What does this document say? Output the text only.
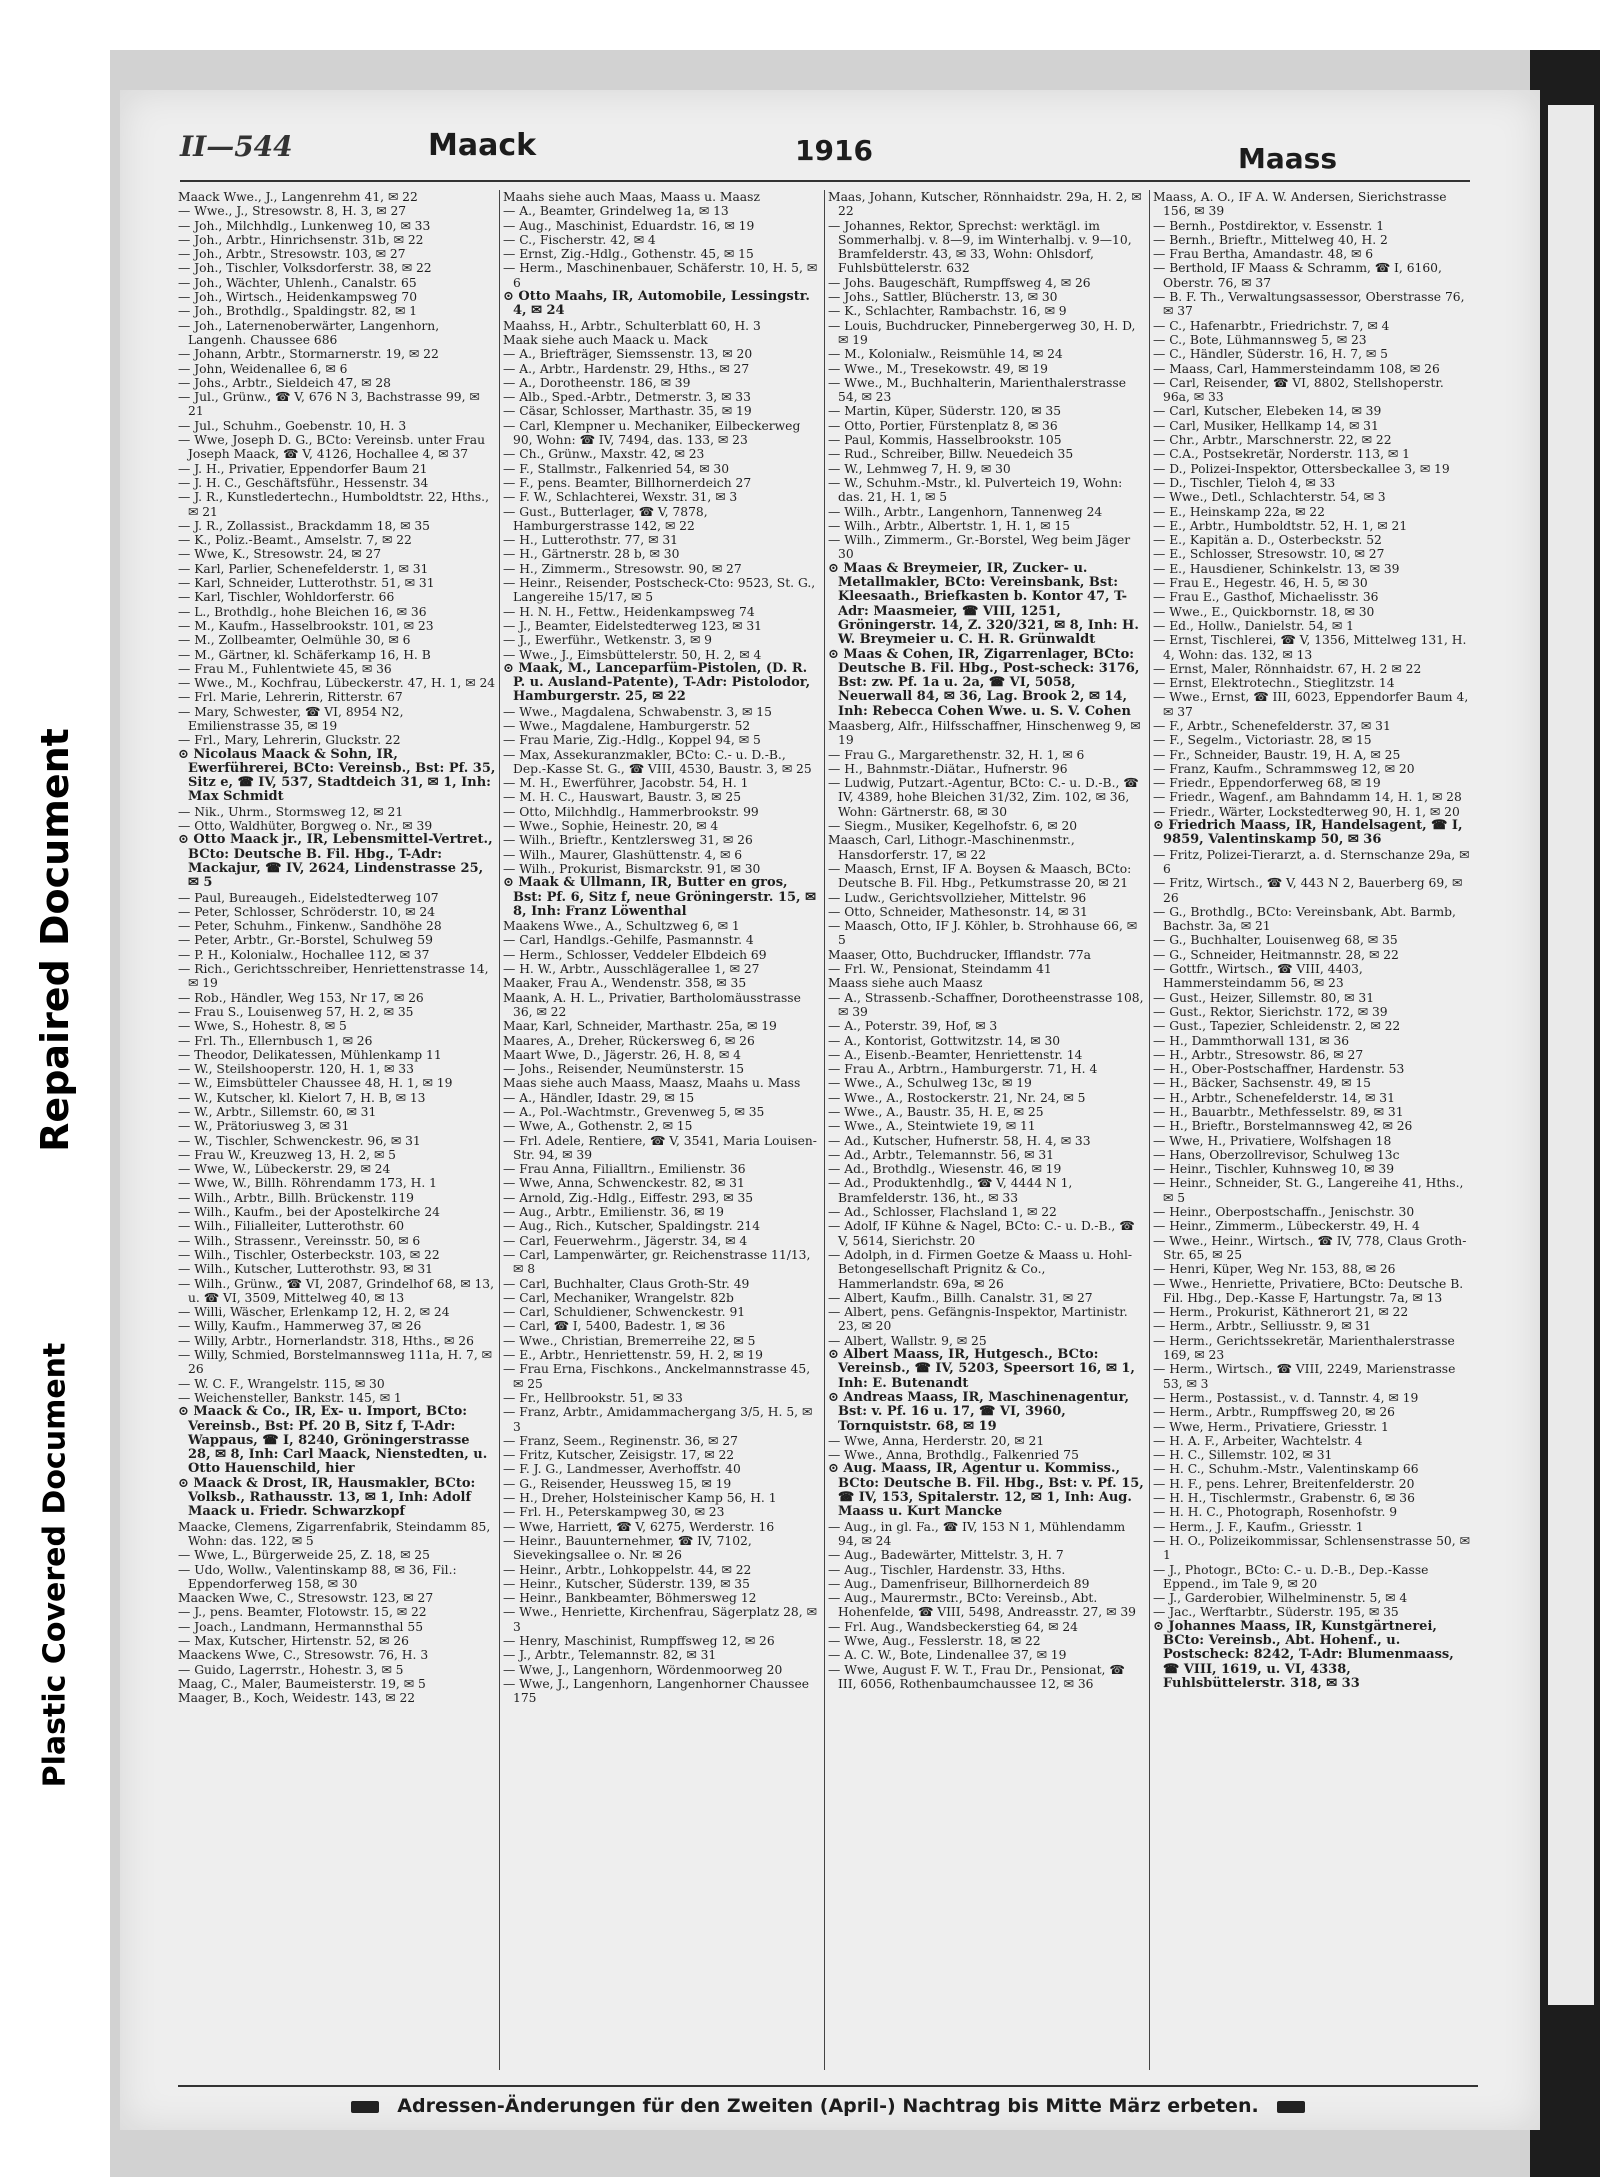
Repaired Document
Plastic Covered Document
II—544	Maack	1916	Maass

Maack Wwe., J., Langenrehm 41, ✉ 22

— Wwe., J., Stresowstr. 8, H. 3, ✉ 27

— Joh., Milchhdlg., Lunkenweg 10, ✉ 33

— Joh., Arbtr., Hinrichsenstr. 31b, ✉ 22

— Joh., Arbtr., Stresowstr. 103, ✉ 27

— Joh., Tischler, Volksdorferstr. 38, ✉ 22

— Joh., Wächter, Uhlenh., Canalstr. 65

— Joh., Wirtsch., Heidenkampsweg 70

— Joh., Brothdlg., Spaldingstr. 82, ✉ 1

— Joh., Laternenoberwärter, Langenhorn, Langenh. Chaussee 686

— Johann, Arbtr., Stormarnerstr. 19, ✉ 22

— John, Weidenallee 6, ✉ 6

— Johs., Arbtr., Sieldeich 47, ✉ 28

— Jul., Grünw., ☎ V, 676 N 3, Bachstrasse 99, ✉ 21

— Jul., Schuhm., Goebenstr. 10, H. 3

— Wwe, Joseph D. G., BCto: Vereinsb. unter Frau Joseph Maack, ☎ V, 4126, Hochallee 4, ✉ 37

— J. H., Privatier, Eppendorfer Baum 21

— J. H. C., Geschäftsführ., Hessenstr. 34

— J. R., Kunstledertechn., Humboldtstr. 22, Hths., ✉ 21

— J. R., Zollassist., Brackdamm 18, ✉ 35

— K., Poliz.-Beamt., Amselstr. 7, ✉ 22

— Wwe, K., Stresowstr. 24, ✉ 27

— Karl, Parlier, Schenefelderstr. 1, ✉ 31

— Karl, Schneider, Lutterothstr. 51, ✉ 31

— Karl, Tischler, Wohldorferstr. 66

— L., Brothdlg., hohe Bleichen 16, ✉ 36

— M., Kaufm., Hasselbrookstr. 101, ✉ 23

— M., Zollbeamter, Oelmühle 30, ✉ 6

— M., Gärtner, kl. Schäferkamp 16, H. B

— Frau M., Fuhlentwiete 45, ✉ 36

— Wwe., M., Kochfrau, Lübeckerstr. 47, H. 1, ✉ 24

— Frl. Marie, Lehrerin, Ritterstr. 67

— Mary, Schwester, ☎ VI, 8954 N2, Emilienstrasse 35, ✉ 19

— Frl., Mary, Lehrerin, Gluckstr. 22

⊙ Nicolaus Maack & Sohn, IR, Ewerführerei, BCto: Vereinsb., Bst: Pf. 35, Sitz e, ☎ IV, 537, Stadtdeich 31, ✉ 1, Inh: Max Schmidt

— Nik., Uhrm., Stormsweg 12, ✉ 21

— Otto, Waldhüter, Borgweg o. Nr., ✉ 39

⊙ Otto Maack jr., IR, Lebensmittel-Vertret., BCto: Deutsche B. Fil. Hbg., T-Adr: Mackajur, ☎ IV, 2624, Lindenstrasse 25, ✉ 5

— Paul, Bureaugeh., Eidelstedterweg 107

— Peter, Schlosser, Schröderstr. 10, ✉ 24

— Peter, Schuhm., Finkenw., Sandhöhe 28

— Peter, Arbtr., Gr.-Borstel, Schulweg 59

— P. H., Kolonialw., Hochallee 112, ✉ 37

— Rich., Gerichtsschreiber, Henriettenstrasse 14, ✉ 19

— Rob., Händler, Weg 153, Nr 17, ✉ 26

— Frau S., Louisenweg 57, H. 2, ✉ 35

— Wwe, S., Hohestr. 8, ✉ 5

— Frl. Th., Ellernbusch 1, ✉ 26

— Theodor, Delikatessen, Mühlenkamp 11

— W., Steilshooperstr. 120, H. 1, ✉ 33

— W., Eimsbütteler Chaussee 48, H. 1, ✉ 19

— W., Kutscher, kl. Kielort 7, H. B, ✉ 13

— W., Arbtr., Sillemstr. 60, ✉ 31

— W., Prätoriusweg 3, ✉ 31

— W., Tischler, Schwenckestr. 96, ✉ 31

— Frau W., Kreuzweg 13, H. 2, ✉ 5

— Wwe, W., Lübeckerstr. 29, ✉ 24

— Wwe, W., Billh. Röhrendamm 173, H. 1

— Wilh., Arbtr., Billh. Brückenstr. 119

— Wilh., Kaufm., bei der Apostelkirche 24

— Wilh., Filialleiter, Lutterothstr. 60

— Wilh., Strassenr., Vereinsstr. 50, ✉ 6

— Wilh., Tischler, Osterbeckstr. 103, ✉ 22

— Wilh., Kutscher, Lutterothstr. 93, ✉ 31

— Wilh., Grünw., ☎ VI, 2087, Grindelhof 68, ✉ 13, u. ☎ VI, 3509, Mittelweg 40, ✉ 13

— Willi, Wäscher, Erlenkamp 12, H. 2, ✉ 24

— Willy, Kaufm., Hammerweg 37, ✉ 26

— Willy, Arbtr., Hornerlandstr. 318, Hths., ✉ 26

— Willy, Schmied, Borstelmannsweg 111a, H. 7, ✉ 26

— W. C. F., Wrangelstr. 115, ✉ 30

— Weichensteller, Bankstr. 145, ✉ 1

⊙ Maack & Co., IR, Ex- u. Import, BCto: Vereinsb., Bst: Pf. 20 B, Sitz f, T-Adr: Wappaus, ☎ I, 8240, Gröningerstrasse 28, ✉ 8, Inh: Carl Maack, Nienstedten, u. Otto Hauenschild, hier

⊙ Maack & Drost, IR, Hausmakler, BCto: Volksb., Rathausstr. 13, ✉ 1, Inh: Adolf Maack u. Friedr. Schwarzkopf

Maacke, Clemens, Zigarrenfabrik, Steindamm 85, Wohn: das. 122, ✉ 5

— Wwe, L., Bürgerweide 25, Z. 18, ✉ 25

— Udo, Wollw., Valentinskamp 88, ✉ 36, Fil.: Eppendorferweg 158, ✉ 30

Maacken Wwe, C., Stresowstr. 123, ✉ 27

— J., pens. Beamter, Flotowstr. 15, ✉ 22

— Joach., Landmann, Hermannsthal 55

— Max, Kutscher, Hirtenstr. 52, ✉ 26

Maackens Wwe, C., Stresowstr. 76, H. 3

— Guido, Lagerrstr., Hohestr. 3, ✉ 5

Maag, C., Maler, Baumeisterstr. 19, ✉ 5

Maager, B., Koch, Weidestr. 143, ✉ 22

Maahs siehe auch Maas, Maass u. Maasz

— A., Beamter, Grindelweg 1a, ✉ 13

— Aug., Maschinist, Eduardstr. 16, ✉ 19

— C., Fischerstr. 42, ✉ 4

— Ernst, Zig.-Hdlg., Gothenstr. 45, ✉ 15

— Herm., Maschinenbauer, Schäferstr. 10, H. 5, ✉ 6

⊙ Otto Maahs, IR, Automobile, Lessingstr. 4, ✉ 24

Maahss, H., Arbtr., Schulterblatt 60, H. 3

Maak siehe auch Maack u. Mack

— A., Briefträger, Siemssenstr. 13, ✉ 20

— A., Arbtr., Hardenstr. 29, Hths., ✉ 27

— A., Dorotheenstr. 186, ✉ 39

— Alb., Sped.-Arbtr., Detmerstr. 3, ✉ 33

— Cäsar, Schlosser, Marthastr. 35, ✉ 19

— Carl, Klempner u. Mechaniker, Eilbeckerweg 90, Wohn: ☎ IV, 7494, das. 133, ✉ 23

— Ch., Grünw., Maxstr. 42, ✉ 23

— F., Stallmstr., Falkenried 54, ✉ 30

— F., pens. Beamter, Billhornerdeich 27

— F. W., Schlachterei, Wexstr. 31, ✉ 3

— Gust., Butterlager, ☎ V, 7878, Hamburgerstrasse 142, ✉ 22

— H., Lutterothstr. 77, ✉ 31

— H., Gärtnerstr. 28 b, ✉ 30

— H., Zimmerm., Stresowstr. 90, ✉ 27

— Heinr., Reisender, Postscheck-Cto: 9523, St. G., Langereihe 15/17, ✉ 5

— H. N. H., Fettw., Heidenkampsweg 74

— J., Beamter, Eidelstedterweg 123, ✉ 31

— J., Ewerführ., Wetkenstr. 3, ✉ 9

— Wwe., J., Eimsbüttelerstr. 50, H. 2, ✉ 4

⊙ Maak, M., Lanceparfüm-Pistolen, (D. R. P. u. Ausland-Patente), T-Adr: Pistolodor, Hamburgerstr. 25, ✉ 22

— Wwe., Magdalena, Schwabenstr. 3, ✉ 15

— Wwe., Magdalene, Hamburgerstr. 52

— Frau Marie, Zig.-Hdlg., Koppel 94, ✉ 5

— Max, Assekuranzmakler, BCto: C.- u. D.-B., Dep.-Kasse St. G., ☎ VIII, 4530, Baustr. 3, ✉ 25

— M. H., Ewerführer, Jacobstr. 54, H. 1

— M. H. C., Hauswart, Baustr. 3, ✉ 25

— Otto, Milchhdlg., Hammerbrookstr. 99

— Wwe., Sophie, Heinestr. 20, ✉ 4

— Wilh., Brieftr., Kentzlersweg 31, ✉ 26

— Wilh., Maurer, Glashüttenstr. 4, ✉ 6

— Wilh., Prokurist, Bismarckstr. 91, ✉ 30

⊙ Maak & Ullmann, IR, Butter en gros, Bst: Pf. 6, Sitz f, neue Gröningerstr. 15, ✉ 8, Inh: Franz Löwenthal

Maakens Wwe., A., Schultzweg 6, ✉ 1

— Carl, Handlgs.-Gehilfe, Pasmannstr. 4

— Herm., Schlosser, Veddeler Elbdeich 69

— H. W., Arbtr., Ausschlägerallee 1, ✉ 27

Maaker, Frau A., Wendenstr. 358, ✉ 35

Maank, A. H. L., Privatier, Bartholomäusstrasse 36, ✉ 22

Maar, Karl, Schneider, Marthastr. 25a, ✉ 19

Maares, A., Dreher, Rückersweg 6, ✉ 26

Maart Wwe, D., Jägerstr. 26, H. 8, ✉ 4

— Johs., Reisender, Neumünsterstr. 15

Maas siehe auch Maass, Maasz, Maahs u. Mass

— A., Händler, Idastr. 29, ✉ 15

— A., Pol.-Wachtmstr., Grevenweg 5, ✉ 35

— Wwe, A., Gothenstr. 2, ✉ 15

— Frl. Adele, Rentiere, ☎ V, 3541, Maria Louisen-Str. 94, ✉ 39

— Frau Anna, Filialltrn., Emilienstr. 36

— Wwe, Anna, Schwenckestr. 82, ✉ 31

— Arnold, Zig.-Hdlg., Eiffestr. 293, ✉ 35

— Aug., Arbtr., Emilienstr. 36, ✉ 19

— Aug., Rich., Kutscher, Spaldingstr. 214

— Carl, Feuerwehrm., Jägerstr. 34, ✉ 4

— Carl, Lampenwärter, gr. Reichenstrasse 11/13, ✉ 8

— Carl, Buchhalter, Claus Groth-Str. 49

— Carl, Mechaniker, Wrangelstr. 82b

— Carl, Schuldiener, Schwenckestr. 91

— Carl, ☎ I, 5400, Badestr. 1, ✉ 36

— Wwe., Christian, Bremerreihe 22, ✉ 5

— E., Arbtr., Henriettenstr. 59, H. 2, ✉ 19

— Frau Erna, Fischkons., Anckelmannstrasse 45, ✉ 25

— Fr., Hellbrookstr. 51, ✉ 33

— Franz, Arbtr., Amidammachergang 3/5, H. 5, ✉ 3

— Franz, Seem., Reginenstr. 36, ✉ 27

— Fritz, Kutscher, Zeisigstr. 17, ✉ 22

— F. J. G., Landmesser, Averhoffstr. 40

— G., Reisender, Heussweg 15, ✉ 19

— H., Dreher, Holsteinischer Kamp 56, H. 1

— Frl. H., Peterskampweg 30, ✉ 23

— Wwe, Harriett, ☎ V, 6275, Werderstr. 16

— Heinr., Bauunternehmer, ☎ IV, 7102, Sievekingsallee o. Nr. ✉ 26

— Heinr., Arbtr., Lohkoppelstr. 44, ✉ 22

— Heinr., Kutscher, Süderstr. 139, ✉ 35

— Heinr., Bankbeamter, Böhmersweg 12

— Wwe., Henriette, Kirchenfrau, Sägerplatz 28, ✉ 3

— Henry, Maschinist, Rumpffsweg 12, ✉ 26

— J., Arbtr., Telemannstr. 82, ✉ 31

— Wwe, J., Langenhorn, Wördenmoorweg 20

— Wwe, J., Langenhorn, Langenhorner Chaussee 175

Maas, Johann, Kutscher, Rönnhaidstr. 29a, H. 2, ✉ 22

— Johannes, Rektor, Sprechst: werktägl. im Sommerhalbj. v. 8—9, im Winterhalbj. v. 9—10, Bramfelderstr. 43, ✉ 33, Wohn: Ohlsdorf, Fuhlsbüttelerstr. 632

— Johs. Baugeschäft, Rumpffsweg 4, ✉ 26

— Johs., Sattler, Blücherstr. 13, ✉ 30

— K., Schlachter, Rambachstr. 16, ✉ 9

— Louis, Buchdrucker, Pinnebergerweg 30, H. D, ✉ 19

— M., Kolonialw., Reismühle 14, ✉ 24

— Wwe., M., Tresekowstr. 49, ✉ 19

— Wwe., M., Buchhalterin, Marienthalerstrasse 54, ✉ 23

— Martin, Küper, Süderstr. 120, ✉ 35

— Otto, Portier, Fürstenplatz 8, ✉ 36

— Paul, Kommis, Hasselbrookstr. 105

— Rud., Schreiber, Billw. Neuedeich 35

— W., Lehmweg 7, H. 9, ✉ 30

— W., Schuhm.-Mstr., kl. Pulverteich 19, Wohn: das. 21, H. 1, ✉ 5

— Wilh., Arbtr., Langenhorn, Tannenweg 24

— Wilh., Arbtr., Albertstr. 1, H. 1, ✉ 15

— Wilh., Zimmerm., Gr.-Borstel, Weg beim Jäger 30

⊙ Maas & Breymeier, IR, Zucker- u. Metallmakler, BCto: Vereinsbank, Bst: Kleesaath., Briefkasten b. Kontor 47, T-Adr: Maasmeier, ☎ VIII, 1251, Gröningerstr. 14, Z. 320/321, ✉ 8, Inh: H. W. Breymeier u. C. H. R. Grünwaldt

⊙ Maas & Cohen, IR, Zigarrenlager, BCto: Deutsche B. Fil. Hbg., Post-scheck: 3176, Bst: zw. Pf. 1a u. 2a, ☎ VI, 5058, Neuerwall 84, ✉ 36, Lag. Brook 2, ✉ 14, Inh: Rebecca Cohen Wwe. u. S. V. Cohen

Maasberg, Alfr., Hilfsschaffner, Hinschenweg 9, ✉ 19

— Frau G., Margarethenstr. 32, H. 1, ✉ 6

— H., Bahnmstr.-Diätar., Hufnerstr. 96

— Ludwig, Putzart.-Agentur, BCto: C.- u. D.-B., ☎ IV, 4389, hohe Bleichen 31/32, Zim. 102, ✉ 36, Wohn: Gärtnerstr. 68, ✉ 30

— Siegm., Musiker, Kegelhofstr. 6, ✉ 20

Maasch, Carl, Lithogr.-Maschinenmstr., Hansdorferstr. 17, ✉ 22

— Maasch, Ernst, IF A. Boysen & Maasch, BCto: Deutsche B. Fil. Hbg., Petkumstrasse 20, ✉ 21

— Ludw., Gerichtsvollzieher, Mittelstr. 96

— Otto, Schneider, Mathesonstr. 14, ✉ 31

— Maasch, Otto, IF J. Köhler, b. Strohhause 66, ✉ 5

Maaser, Otto, Buchdrucker, Ifflandstr. 77a

— Frl. W., Pensionat, Steindamm 41

Maass siehe auch Maasz

— A., Strassenb.-Schaffner, Dorotheenstrasse 108, ✉ 39

— A., Poterstr. 39, Hof, ✉ 3

— A., Kontorist, Gottwitzstr. 14, ✉ 30

— A., Eisenb.-Beamter, Henriettenstr. 14

— Frau A., Arbtrn., Hamburgerstr. 71, H. 4

— Wwe., A., Schulweg 13c, ✉ 19

— Wwe., A., Rostockerstr. 21, Nr. 24, ✉ 5

— Wwe., A., Baustr. 35, H. E, ✉ 25

— Wwe., A., Steintwiete 19, ✉ 11

— Ad., Kutscher, Hufnerstr. 58, H. 4, ✉ 33

— Ad., Arbtr., Telemannstr. 56, ✉ 31

— Ad., Brothdlg., Wiesenstr. 46, ✉ 19

— Ad., Produktenhdlg., ☎ V, 4444 N 1, Bramfelderstr. 136, ht., ✉ 33

— Ad., Schlosser, Flachsland 1, ✉ 22

— Adolf, IF Kühne & Nagel, BCto: C.- u. D.-B., ☎ V, 5614, Sierichstr. 20

— Adolph, in d. Firmen Goetze & Maass u. Hohl-Betongesellschaft Prignitz & Co., Hammerlandstr. 69a, ✉ 26

— Albert, Kaufm., Billh. Canalstr. 31, ✉ 27

— Albert, pens. Gefängnis-Inspektor, Martinistr. 23, ✉ 20

— Albert, Wallstr. 9, ✉ 25

⊙ Albert Maass, IR, Hutgesch., BCto: Vereinsb., ☎ IV, 5203, Speersort 16, ✉ 1, Inh: E. Butenandt

⊙ Andreas Maass, IR, Maschinenagentur, Bst: v. Pf. 16 u. 17, ☎ VI, 3960, Tornquiststr. 68, ✉ 19

— Wwe, Anna, Herderstr. 20, ✉ 21

— Wwe., Anna, Brothdlg., Falkenried 75

⊙ Aug. Maass, IR, Agentur u. Kommiss., BCto: Deutsche B. Fil. Hbg., Bst: v. Pf. 15, ☎ IV, 153, Spitalerstr. 12, ✉ 1, Inh: Aug. Maass u. Kurt Mancke

— Aug., in gl. Fa., ☎ IV, 153 N 1, Mühlendamm 94, ✉ 24

— Aug., Badewärter, Mittelstr. 3, H. 7

— Aug., Tischler, Hardenstr. 33, Hths.

— Aug., Damenfriseur, Billhornerdeich 89

— Aug., Maurermstr., BCto: Vereinsb., Abt. Hohenfelde, ☎ VIII, 5498, Andreasstr. 27, ✉ 39

— Frl. Aug., Wandsbeckerstieg 64, ✉ 24

— Wwe, Aug., Fesslerstr. 18, ✉ 22

— A. C. W., Bote, Lindenallee 37, ✉ 19

— Wwe, August F. W. T., Frau Dr., Pensionat, ☎ III, 6056, Rothenbaumchaussee 12, ✉ 36

Maass, A. O., IF A. W. Andersen, Sierichstrasse 156, ✉ 39

— Bernh., Postdirektor, v. Essenstr. 1

— Bernh., Brieftr., Mittelweg 40, H. 2

— Frau Bertha, Amandastr. 48, ✉ 6

— Berthold, IF Maass & Schramm, ☎ I, 6160, Oberstr. 76, ✉ 37

— B. F. Th., Verwaltungsassessor, Oberstrasse 76, ✉ 37

— C., Hafenarbtr., Friedrichstr. 7, ✉ 4

— C., Bote, Lühmannsweg 5, ✉ 23

— C., Händler, Süderstr. 16, H. 7, ✉ 5

— Maass, Carl, Hammersteindamm 108, ✉ 26

— Carl, Reisender, ☎ VI, 8802, Stellshoperstr. 96a, ✉ 33

— Carl, Kutscher, Elebeken 14, ✉ 39

— Carl, Musiker, Hellkamp 14, ✉ 31

— Chr., Arbtr., Marschnerstr. 22, ✉ 22

— C.A., Postsekretär, Norderstr. 113, ✉ 1

— D., Polizei-Inspektor, Ottersbeckallee 3, ✉ 19

— D., Tischler, Tieloh 4, ✉ 33

— Wwe., Detl., Schlachterstr. 54, ✉ 3

— E., Heinskamp 22a, ✉ 22

— E., Arbtr., Humboldtstr. 52, H. 1, ✉ 21

— E., Kapitän a. D., Osterbeckstr. 52

— E., Schlosser, Stresowstr. 10, ✉ 27

— E., Hausdiener, Schinkelstr. 13, ✉ 39

— Frau E., Hegestr. 46, H. 5, ✉ 30

— Frau E., Gasthof, Michaelisstr. 36

— Wwe., E., Quickbornstr. 18, ✉ 30

— Ed., Hollw., Danielstr. 54, ✉ 1

— Ernst, Tischlerei, ☎ V, 1356, Mittelweg 131, H. 4, Wohn: das. 132, ✉ 13

— Ernst, Maler, Rönnhaidstr. 67, H. 2 ✉ 22

— Ernst, Elektrotechn., Stieglitzstr. 14

— Wwe., Ernst, ☎ III, 6023, Eppendorfer Baum 4, ✉ 37

— F., Arbtr., Schenefelderstr. 37, ✉ 31

— F., Segelm., Victoriastr. 28, ✉ 15

— Fr., Schneider, Baustr. 19, H. A, ✉ 25

— Franz, Kaufm., Schrammsweg 12, ✉ 20

— Friedr., Eppendorferweg 68, ✉ 19

— Friedr., Wagenf., am Bahndamm 14, H. 1, ✉ 28

— Friedr., Wärter, Lockstedterweg 90, H. 1, ✉ 20

⊙ Friedrich Maass, IR, Handelsagent, ☎ I, 9859, Valentinskamp 50, ✉ 36

— Fritz, Polizei-Tierarzt, a. d. Sternschanze 29a, ✉ 6

— Fritz, Wirtsch., ☎ V, 443 N 2, Bauerberg 69, ✉ 26

— G., Brothdlg., BCto: Vereinsbank, Abt. Barmb, Bachstr. 3a, ✉ 21

— G., Buchhalter, Louisenweg 68, ✉ 35

— G., Schneider, Heitmannstr. 28, ✉ 22

— Gottfr., Wirtsch., ☎ VIII, 4403, Hammersteindamm 56, ✉ 23

— Gust., Heizer, Sillemstr. 80, ✉ 31

— Gust., Rektor, Sierichstr. 172, ✉ 39

— Gust., Tapezier, Schleidenstr. 2, ✉ 22

— H., Dammthorwall 131, ✉ 36

— H., Arbtr., Stresowstr. 86, ✉ 27

— H., Ober-Postschaffner, Hardenstr. 53

— H., Bäcker, Sachsenstr. 49, ✉ 15

— H., Arbtr., Schenefelderstr. 14, ✉ 31

— H., Bauarbtr., Methfesselstr. 89, ✉ 31

— H., Brieftr., Borstelmannsweg 42, ✉ 26

— Wwe, H., Privatiere, Wolfshagen 18

— Hans, Oberzollrevisor, Schulweg 13c

— Heinr., Tischler, Kuhnsweg 10, ✉ 39

— Heinr., Schneider, St. G., Langereihe 41, Hths., ✉ 5

— Heinr., Oberpostschaffn., Jenischstr. 30

— Heinr., Zimmerm., Lübeckerstr. 49, H. 4

— Wwe., Heinr., Wirtsch., ☎ IV, 778, Claus Groth-Str. 65, ✉ 25

— Henri, Küper, Weg Nr. 153, 88, ✉ 26

— Wwe., Henriette, Privatiere, BCto: Deutsche B. Fil. Hbg., Dep.-Kasse F, Hartungstr. 7a, ✉ 13

— Herm., Prokurist, Käthnerort 21, ✉ 22

— Herm., Arbtr., Selliusstr. 9, ✉ 31

— Herm., Gerichtssekretär, Marienthalerstrasse 169, ✉ 23

— Herm., Wirtsch., ☎ VIII, 2249, Marienstrasse 53, ✉ 3

— Herm., Postassist., v. d. Tannstr. 4, ✉ 19

— Herm., Arbtr., Rumpffsweg 20, ✉ 26

— Wwe, Herm., Privatiere, Griesstr. 1

— H. A. F., Arbeiter, Wachtelstr. 4

— H. C., Sillemstr. 102, ✉ 31

— H. C., Schuhm.-Mstr., Valentinskamp 66

— H. F., pens. Lehrer, Breitenfelderstr. 20

— H. H., Tischlermstr., Grabenstr. 6, ✉ 36

— H. H. C., Photograph, Rosenhofstr. 9

— Herm., J. F., Kaufm., Griesstr. 1

— H. O., Polizeikommissar, Schlensenstrasse 50, ✉ 1

— J., Photogr., BCto: C.- u. D.-B., Dep.-Kasse Eppend., im Tale 9, ✉ 20

— J., Garderobier, Wilhelminenstr. 5, ✉ 4

— Jac., Werftarbtr., Süderstr. 195, ✉ 35

⊙ Johannes Maass, IR, Kunstgärtnerei, BCto: Vereinsb., Abt. Hohenf., u. Postscheck: 8242, T-Adr: Blumenmaass, ☎ VIII, 1619, u. VI, 4338, Fuhlsbüttelerstr. 318, ✉ 33

Adressen-Änderungen für den Zweiten (April-) Nachtrag bis Mitte März erbeten.
